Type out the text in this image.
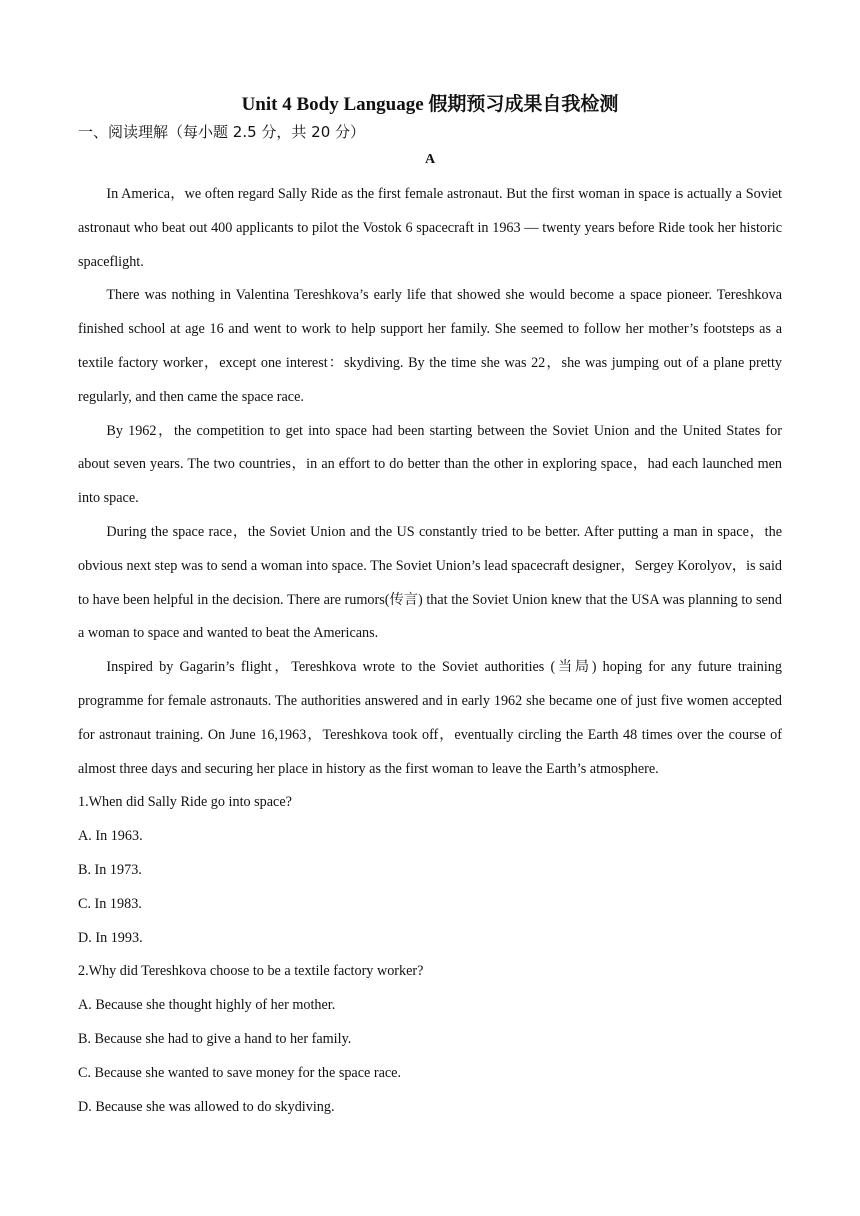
Unit 4 Body Language 假期预习成果自我检测
一、阅读理解（每小题 2.5 分，共 20 分）
A

In America，we often regard Sally Ride as the first female astronaut. But the first woman in space is actually a Soviet astronaut who beat out 400 applicants to pilot the Vostok 6 spacecraft in 1963 — twenty years before Ride took her historic spaceflight.

There was nothing in Valentina Tereshkova’s early life that showed she would become a space pioneer. Tereshkova finished school at age 16 and went to work to help support her family. She seemed to follow her mother’s footsteps as a textile factory worker，except one interest：skydiving. By the time she was 22，she was jumping out of a plane pretty regularly, and then came the space race.

By 1962，the competition to get into space had been starting between the Soviet Union and the United States for about seven years. The two countries，in an effort to do better than the other in exploring space，had each launched men into space.

During the space race，the Soviet Union and the US constantly tried to be better. After putting a man in space，the obvious next step was to send a woman into space. The Soviet Union’s lead spacecraft designer，Sergey Korolyov，is said to have been helpful in the decision. There are rumors(传言) that the Soviet Union knew that the USA was planning to send a woman to space and wanted to beat the Americans.

Inspired by Gagarin’s flight，Tereshkova wrote to the Soviet authorities (当局) hoping for any future training programme for female astronauts. The authorities answered and in early 1962 she became one of just five women accepted for astronaut training. On June 16,1963，Tereshkova took off，eventually circling the Earth 48 times over the course of almost three days and securing her place in history as the first woman to leave the Earth’s atmosphere.

1.When did Sally Ride go into space?

A. In 1963.

B. In 1973.

C. In 1983.

D. In 1993.

2.Why did Tereshkova choose to be a textile factory worker?

A. Because she thought highly of her mother.

B. Because she had to give a hand to her family.

C. Because she wanted to save money for the space race.

D. Because she was allowed to do skydiving.
